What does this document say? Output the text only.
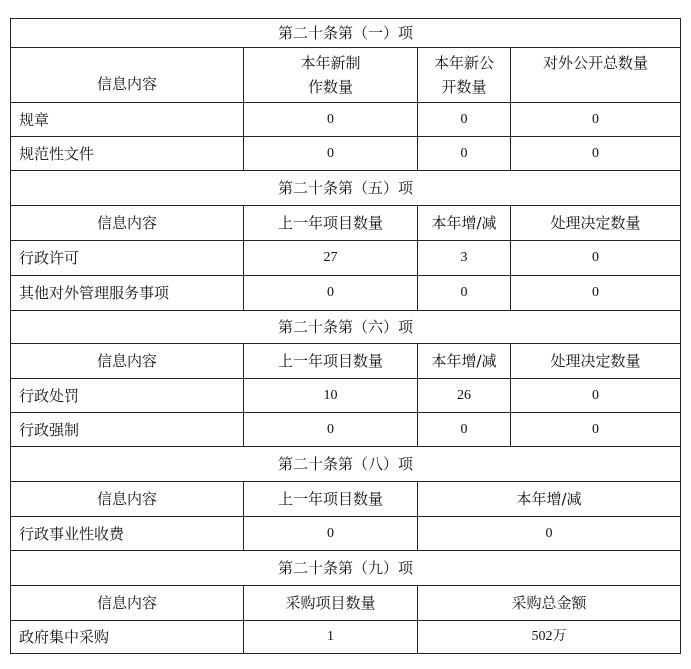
第二十条第（一）项			
信息内容	本年新制作数量	本年新公开数量	对外公开总数量
规章	0	0	0
规范性文件	0	0	0
第二十条第（五）项			
信息内容	上一年项目数量	本年增/减	处理决定数量
行政许可	27	3	0
其他对外管理服务事项	0	0	0
第二十条第（六）项			
信息内容	上一年项目数量	本年增/减	处理决定数量
行政处罚	10	26	0
行政强制	0	0	0
第二十条第（八）项			
信息内容	上一年项目数量	本年增/减	
行政事业性收费	0	0	
第二十条第（九）项			
信息内容	采购项目数量	采购总金额	
政府集中采购	1	502万	
